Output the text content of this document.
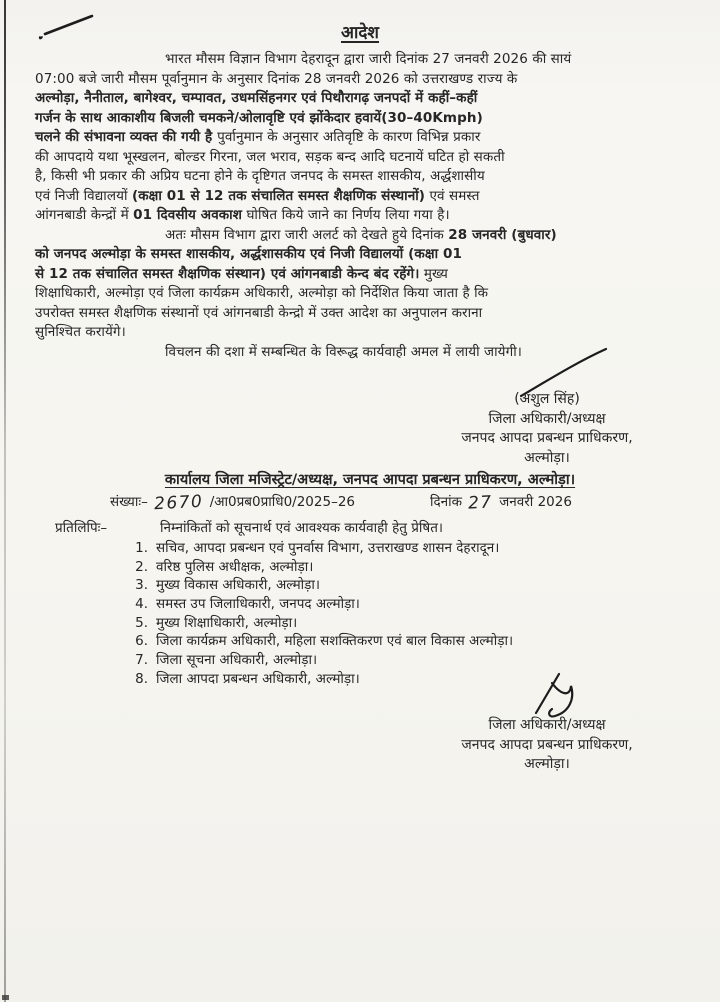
आदेश
भारत मौसम विज्ञान विभाग देहरादून द्वारा जारी दिनांक 27 जनवरी 2026 की सायं
07:00 बजे जारी मौसम पूर्वानुमान के अनुसार दिनांक 28 जनवरी 2026 को उत्तराखण्ड राज्य के
अल्मोड़ा, नैनीताल, बागेश्वर, चम्पावत, उधमसिंहनगर एवं पिथौरागढ़ जनपदों में कहीं–कहीं
गर्जन के साथ आकाशीय बिजली चमकने/ओलावृष्टि एवं झोंकेदार हवायें(30–40Kmph)
चलने की संभावना व्यक्त की गयी है पुर्वानुमान के अनुसार अतिवृष्टि के कारण विभिन्न प्रकार
की आपदाये यथा भूस्खलन, बोल्डर गिरना, जल भराव, सड़क बन्द आदि घटनायें घटित हो सकती
है, किसी भी प्रकार की अप्रिय घटना होने के दृष्टिगत जनपद के समस्त शासकीय, अर्द्धशासीय
एवं निजी विद्यालयों (कक्षा 01 से 12 तक संचालित समस्त शैक्षणिक संस्थानों) एवं समस्त
आंगनबाडी केन्द्रों में 01 दिवसीय अवकाश घोषित किये जाने का निर्णय लिया गया है।
अतः मौसम विभाग द्वारा जारी अलर्ट को देखते हुये दिनांक 28 जनवरी (बुधवार)
को जनपद अल्मोड़ा के समस्त शासकीय, अर्द्धशासकीय एवं निजी विद्यालयों (कक्षा 01
से 12 तक संचालित समस्त शैक्षणिक संस्थान) एवं आंगनबाडी केन्द बंद रहेंगे। मुख्य
शिक्षाधिकारी, अल्मोड़ा एवं जिला कार्यक्रम अधिकारी, अल्मोड़ा को निर्देशित किया जाता है कि
उपरोक्त समस्त शैक्षणिक संस्थानों एवं आंगनबाडी केन्द्रो में उक्त आदेश का अनुपालन कराना
सुनिश्चित करायेंगे।
विचलन की दशा में सम्बन्धित के विरूद्ध कार्यवाही अमल में लायी जायेगी।
(अंशुल सिंह)
जिला अधिकारी/अध्यक्ष
जनपद आपदा प्रबन्धन प्राधिकरण,
अल्मोड़ा।
कार्यालय जिला मजिस्ट्रेट/अध्यक्ष, जनपद आपदा प्रबन्धन प्राधिकरण, अल्मोड़ा।
संख्याः– 2670 /आ0प्रब0प्राधि0/2025–26	दिनांक 27 जनवरी 2026
प्रतिलिपिः–	निम्नांकितों को सूचनार्थ एवं आवश्यक कार्यवाही हेतु प्रेषित।
1. सचिव, आपदा प्रबन्धन एवं पुनर्वास विभाग, उत्तराखण्ड शासन देहरादून।
2. वरिष्ठ पुलिस अधीक्षक, अल्मोड़ा।
3. मुख्य विकास अधिकारी, अल्मोड़ा।
4. समस्त उप जिलाधिकारी, जनपद अल्मोड़ा।
5. मुख्य शिक्षाधिकारी, अल्मोड़ा।
6. जिला कार्यक्रम अधिकारी, महिला सशक्तिकरण एवं बाल विकास अल्मोड़ा।
7. जिला सूचना अधिकारी, अल्मोड़ा।
8. जिला आपदा प्रबन्धन अधिकारी, अल्मोड़ा।
जिला अधिकारी/अध्यक्ष
जनपद आपदा प्रबन्धन प्राधिकरण,
अल्मोड़ा।
